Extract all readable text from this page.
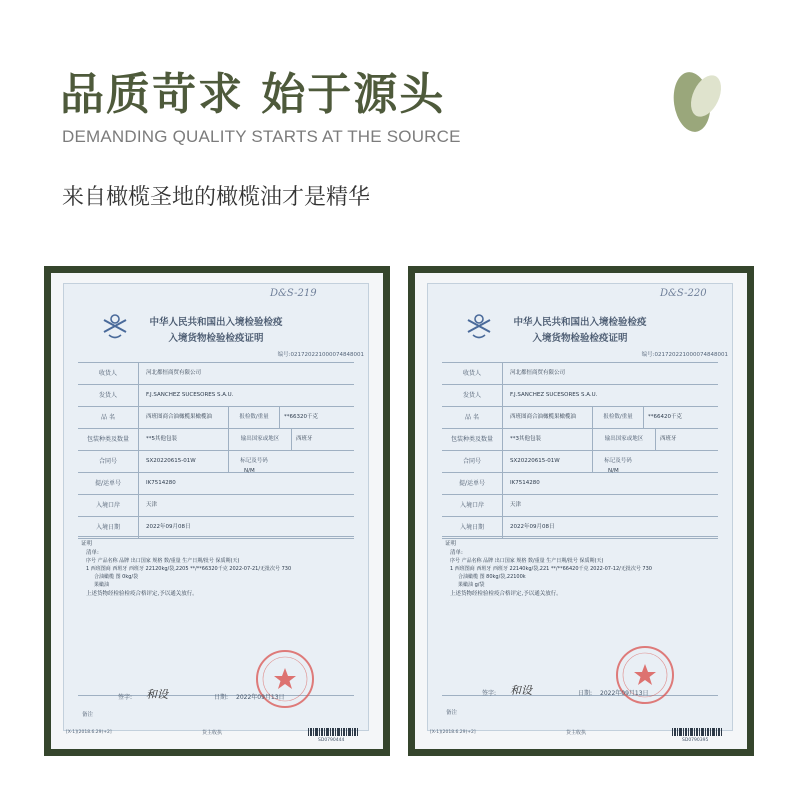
品质苛求 始于源头
DEMANDING QUALITY STARTS AT THE SOURCE
来自橄榄圣地的橄榄油才是精华
D&S-219
中华人民共和国出入境检验检疫
入境货物检验检疫证明
编号:021720221000074848001
收货人	河北都恒商贸有限公司
发货人	F.J.SANCHEZ SUCESORES S.A.U.
品 名	西班图商合油橄榄果橄榄油	报检数/重量	**66320千克
包装种类及数量	**5其他包装	输出国家或地区	西班牙
合同号	SX20220615-01W	标记及号码
N/M
提/运单号	IK7514280
入境口岸	天津
入境日期	2022年09月08日
证明
清单:
序号 产品名称 品牌 出口国家 规格 数/重量 生产日期/批号 保质期(天)
1 西班图商 西班牙 西班牙 22120kg/袋,2205 **/**66320千克 2022-07-21/无批次号 730
合油橄榄 图 0kg/袋
果橄油
上述货物经检验检疫合格评定,予以通关放行。
签字: 和设	日期: 2022年09月13日
备注
[X-1](2018.6.29)+2]	货主收执
SD0790444
D&S-220
中华人民共和国出入境检验检疫
入境货物检验检疫证明
编号:021720221000074848001
收货人	河北都恒商贸有限公司
发货人	F.J.SANCHEZ SUCESORES S.A.U.
品 名	西班图商合油橄榄果橄榄油	报检数/重量	**66420千克
包装种类及数量	**3其他包装	输出国家或地区	西班牙
合同号	SX20220615-01W	标记及号码
N/M
提/运单号	IK7514280
入境口岸	天津
入境日期	2022年09月08日
证明
清单:
序号 产品名称 品牌 出口国家 规格 数/重量 生产日期/批号 保质期(天)
1 西班图商 西班牙 西班牙 22140kg/袋,221 **/**66420千克 2022-07-12/无批次号 730
合油橄榄 图 80kg/袋,22100k
果橄油 g/袋
上述货物经检验检疫合格评定,予以通关放行。
签字: 和设	日期: 2022年09月13日
备注
[X-1](2018.6.29)+2]	货主收执
SD0790395
